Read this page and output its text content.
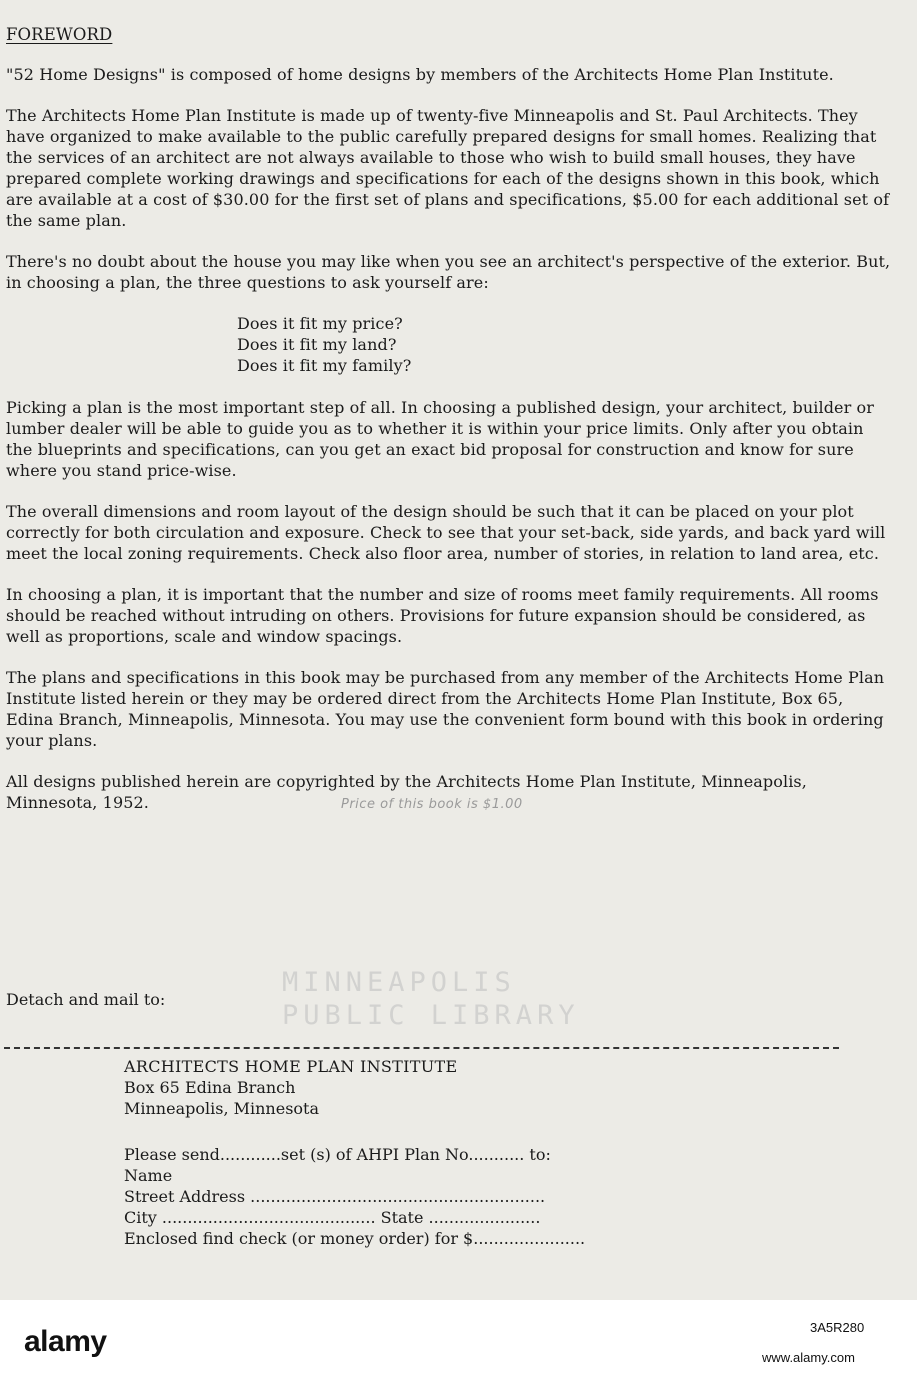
FOREWORD

"52 Home Designs" is composed of home designs by members of the Architects Home Plan Institute.

The Architects Home Plan Institute is made up of twenty-five Minneapolis and St. Paul Architects. They have organized to make available to the public carefully prepared designs for small homes. Realizing that the services of an architect are not always available to those who wish to build small houses, they have prepared complete working drawings and specifications for each of the designs shown in this book, which are available at a cost of $30.00 for the first set of plans and specifications, $5.00 for each additional set of the same plan.

There's no doubt about the house you may like when you see an architect's perspective of the exterior. But, in choosing a plan, the three questions to ask yourself are:

Does it fit my price?
Does it fit my land?
Does it fit my family?

Picking a plan is the most important step of all. In choosing a published design, your architect, builder or lumber dealer will be able to guide you as to whether it is within your price limits. Only after you obtain the blueprints and specifications, can you get an exact bid proposal for construction and know for sure where you stand price-wise.

The overall dimensions and room layout of the design should be such that it can be placed on your plot correctly for both circulation and exposure. Check to see that your set-back, side yards, and back yard will meet the local zoning requirements. Check also floor area, number of stories, in relation to land area, etc.

In choosing a plan, it is important that the number and size of rooms meet family requirements. All rooms should be reached without intruding on others. Provisions for future expansion should be considered, as well as proportions, scale and window spacings.

The plans and specifications in this book may be purchased from any member of the Architects Home Plan Institute listed herein or they may be ordered direct from the Architects Home Plan Institute, Box 65, Edina Branch, Minneapolis, Minnesota. You may use the convenient form bound with this book in ordering your plans.

All designs published herein are copyrighted by the Architects Home Plan Institute, Minneapolis, Minnesota, 1952.	Price of this book is $1.00
MINNEAPOLIS
PUBLIC LIBRARY
Detach and mail to:
ARCHITECTS HOME PLAN INSTITUTE
Box 65 Edina Branch
Minneapolis, Minnesota
Please send............set (s) of AHPI Plan No........... to:
Name
Street Address ..........................................................
City .......................................... State ......................
Enclosed find check (or money order) for $......................
alamy	3A5R280
www.alamy.com
